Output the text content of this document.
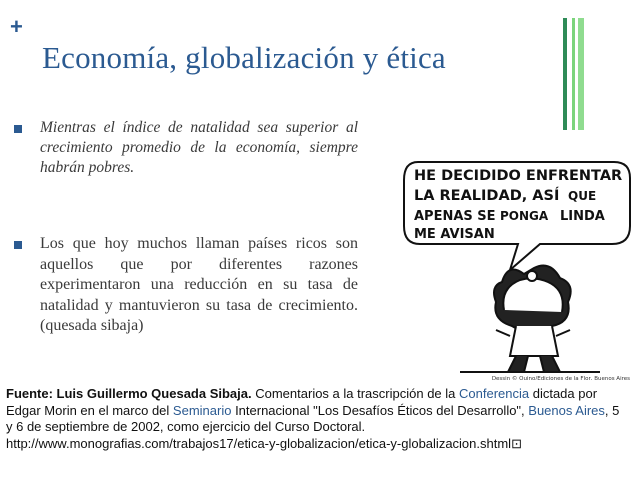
+
Economía, globalización y ética
Mientras el índice de natalidad sea superior al crecimiento promedio de la economía, siempre habrán pobres.
Los que hoy muchos llaman países ricos son aquellos que por diferentes razones experimentaron una reducción en su tasa de natalidad y mantuvieron su tasa de crecimiento. (quesada sibaja)
HE DECIDIDO ENFRENTAR
LA REALIDAD, ASÍ QUE
APENAS SE PONGA LINDA
ME AVISAN
Dessin © Quino/Ediciones de la Flor, Buenos Aires
Fuente: Luis Guillermo Quesada Sibaja. Comentarios a la trascripción de la Conferencia dictada por Edgar Morin en el marco del Seminario Internacional "Los Desafíos Éticos del Desarrollo", Buenos Aires, 5 y 6 de septiembre de 2002, como ejercicio del Curso Doctoral. http://www.monografias.com/trabajos17/etica-y-globalizacion/etica-y-globalizacion.shtml⊡
